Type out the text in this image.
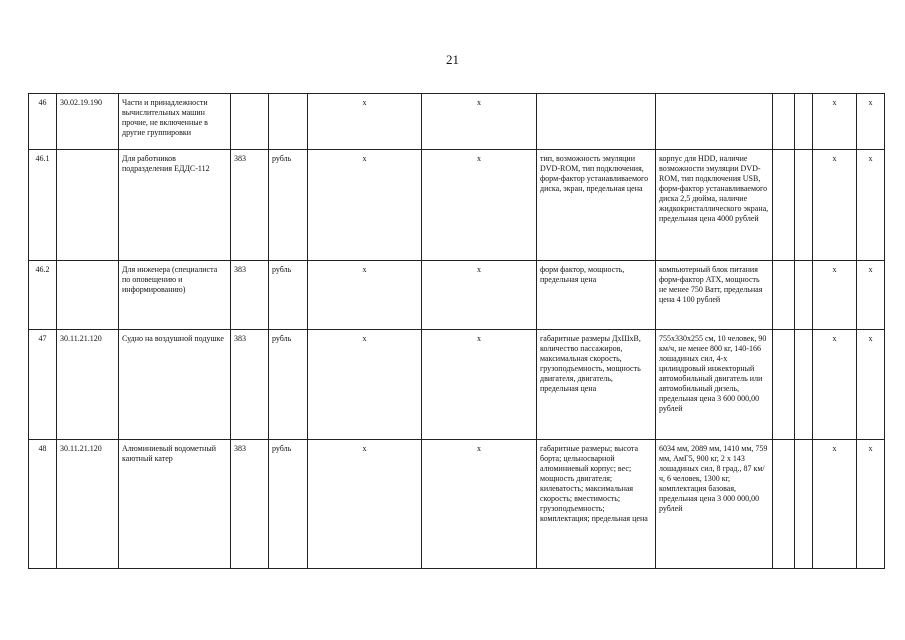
21
46	30.02.19.190	Части и принадлежности вычислительных машин прочие, не включенные в другие группировки			x	x					x	x
46.1		Для работников подразделения ЕДДС-112	383	рубль	x	x	тип, возможность эмуляции DVD-ROM, тип подключения, форм-фактор устанавливаемого диска, экран, предельная цена	корпус для HDD, наличие возможности эмуляции DVD-ROM, тип подключения USB, форм-фактор устанавливаемого диска 2,5 дюйма, наличие жидкокристаллического экрана, предельная цена 4000 рублей			x	x
46.2		Для инженера (специалиста по оповещению и информированию)	383	рубль	x	x	форм фактор, мощность, предельная цена	компьютерный блок питания форм-фактор ATX, мощность не менее 750 Ватт, предельная цена 4 100 рублей			x	x
47	30.11.21.120	Судно на воздушной подушке	383	рубль	x	x	габаритные размеры ДхШхВ, количество пассажиров, максимальная скорость, грузоподъемность, мощность двигателя, двигатель, предельная цена	755x330x255 см, 10 человек, 90 км/ч, не менее 800 кг, 140-166 лошадиных сил, 4-х цилиндровый инжекторный автомобильный двигатель или автомобильный дизель, предельная цена 3 600 000,00 рублей			x	x
48	30.11.21.120	Алюминиевый водометный каютный катер	383	рубль	x	x	габаритные размеры; высота борта; цельносварной алюминиевый корпус; вес; мощность двигателя; килеватость; максимальная скорость; вместимость; грузоподъемность; комплектация; предельная цена	6034 мм, 2089 мм, 1410 мм, 759 мм, АмГ5, 900 кг, 2 x 143 лошадиных сил, 8 град., 87 км/ч, 6 человек, 1300 кг, комплектация базовая, предельная цена 3 000 000,00 рублей			x	x
